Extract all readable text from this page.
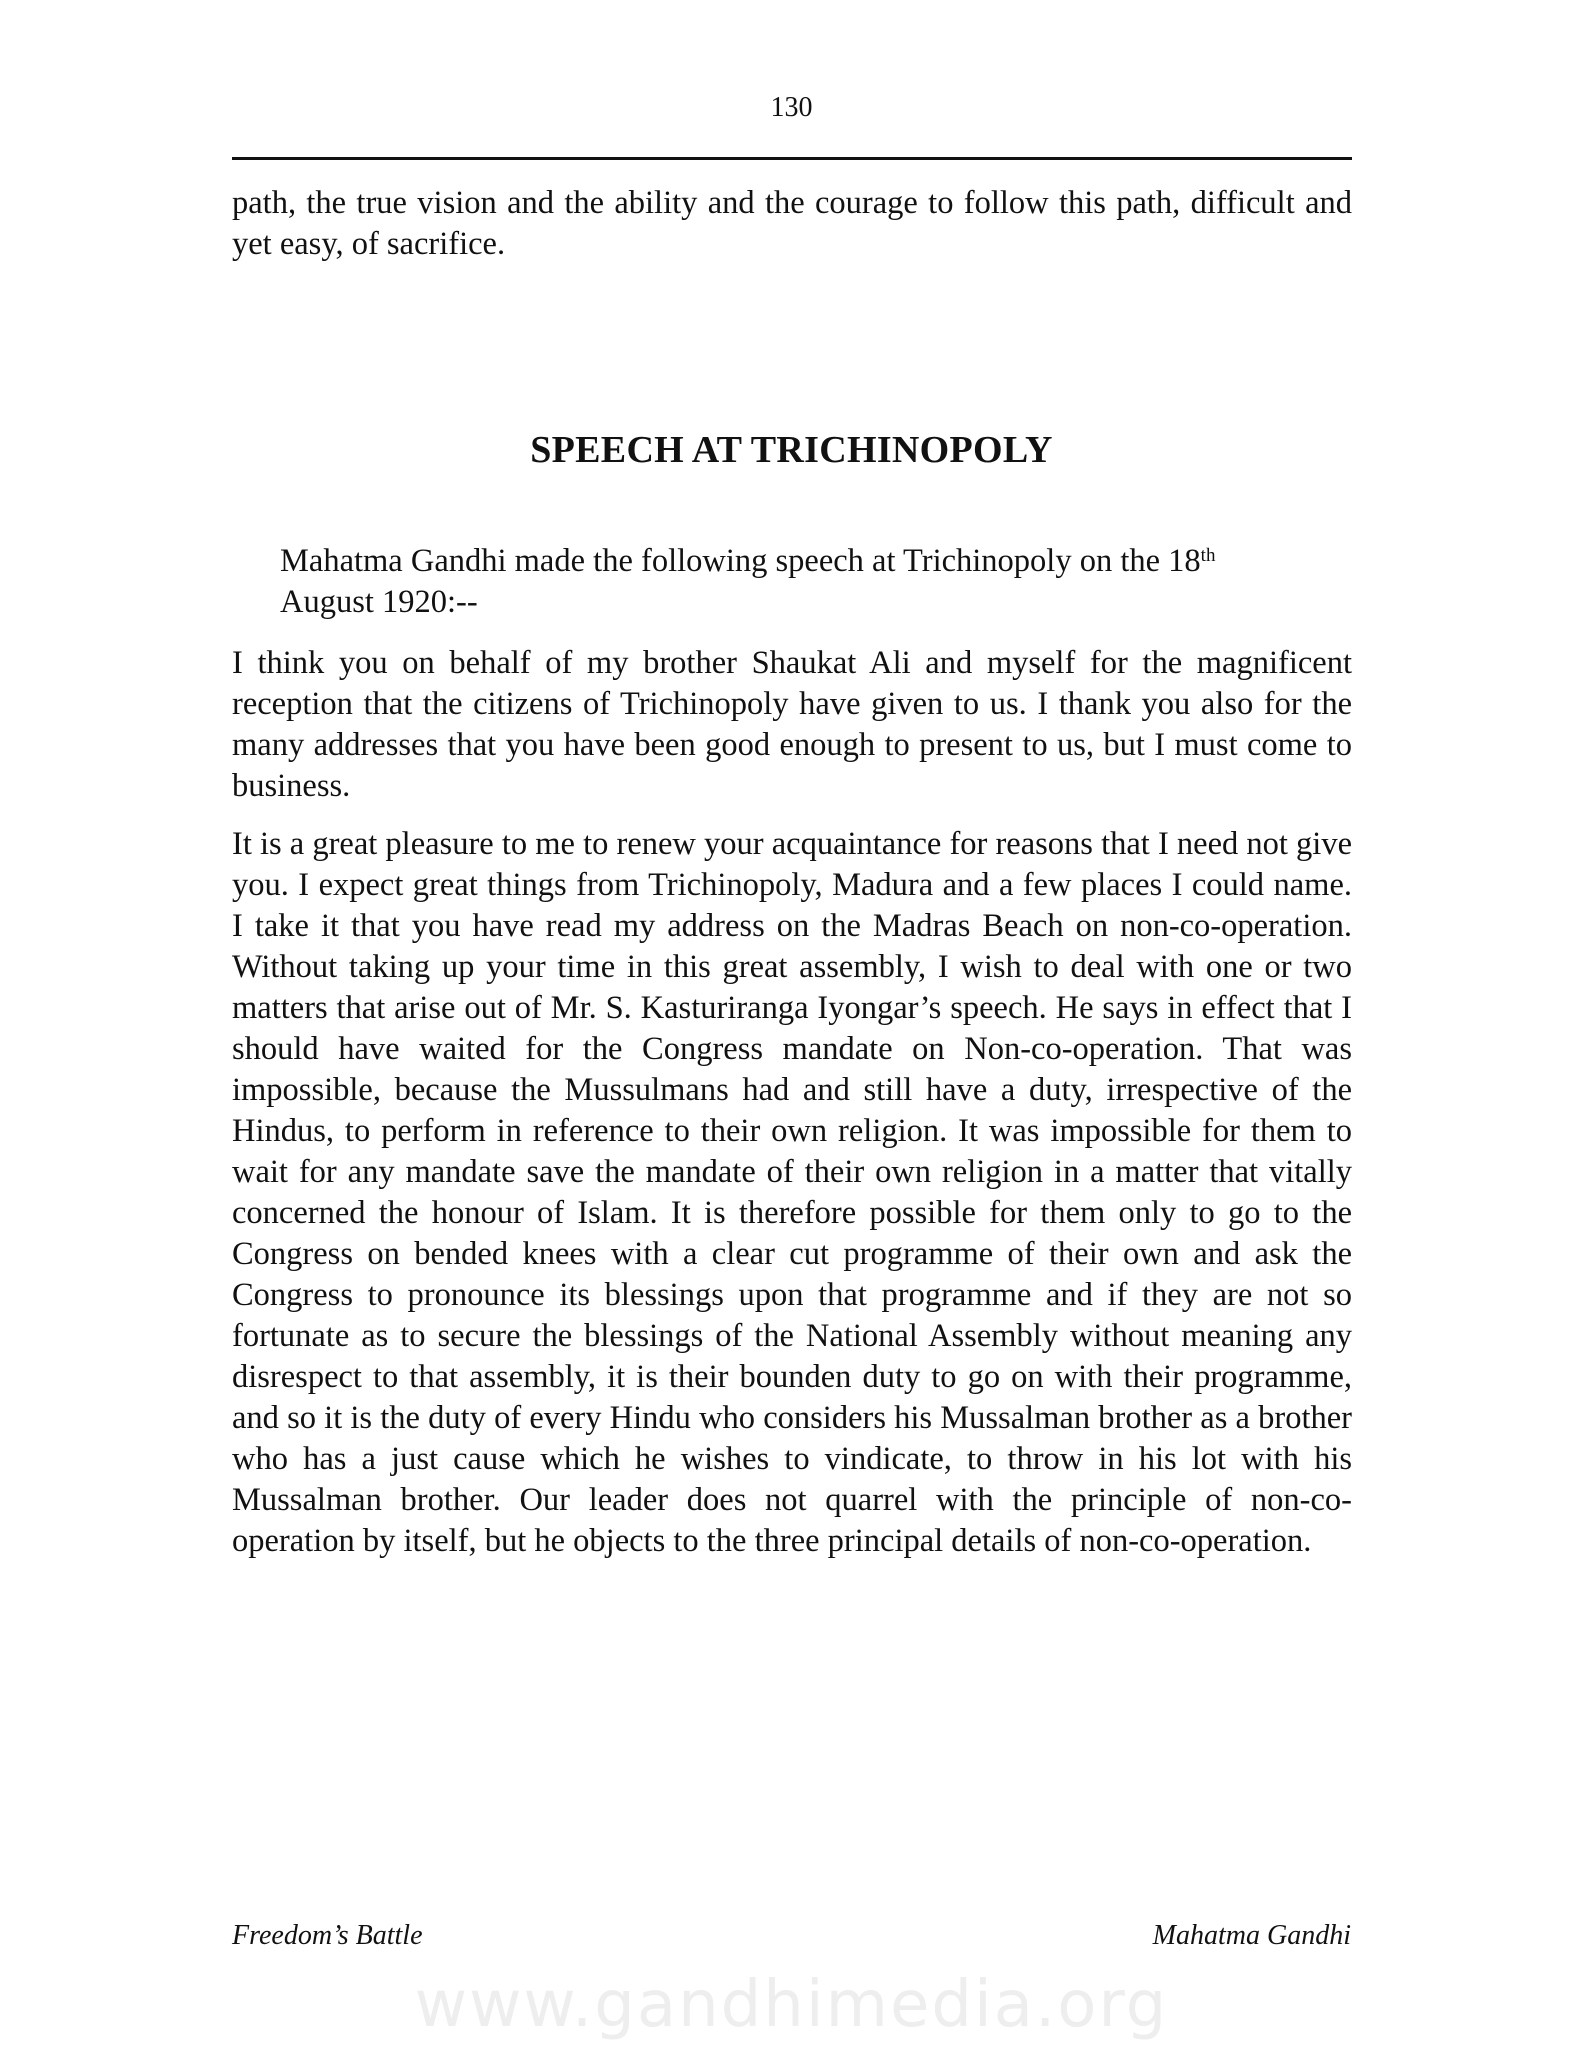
130

path, the true vision and the ability and the courage to follow this path, difficult and yet easy, of sacrifice.

SPEECH AT TRICHINOPOLY

Mahatma Gandhi made the following speech at Trichinopoly on the 18th
August 1920:--

I think you on behalf of my brother Shaukat Ali and myself for the magnificent reception that the citizens of Trichinopoly have given to us. I thank you also for the many addresses that you have been good enough to present to us, but I must come to business.

It is a great pleasure to me to renew your acquaintance for reasons that I need not give you. I expect great things from Trichinopoly, Madura and a few places I could name. I take it that you have read my address on the Madras Beach on non-co-operation. Without taking up your time in this great assembly, I wish to deal with one or two matters that arise out of Mr. S. Kasturiranga Iyongar’s speech. He says in effect that I should have waited for the Congress mandate on Non-co-operation. That was impossible, because the Mussulmans had and still have a duty, irrespective of the Hindus, to perform in reference to their own religion. It was impossible for them to wait for any mandate save the mandate of their own religion in a matter that vitally concerned the honour of Islam. It is therefore possible for them only to go to the Congress on bended knees with a clear cut programme of their own and ask the Congress to pronounce its blessings upon that programme and if they are not so fortunate as to secure the blessings of the National Assembly without meaning any disrespect to that assembly, it is their bounden duty to go on with their programme, and so it is the duty of every Hindu who considers his Mussalman brother as a brother who has a just cause which he wishes to vindicate, to throw in his lot with his Mussalman brother. Our leader does not quarrel with the principle of non-co-operation by itself, but he objects to the three principal details of non-co-operation.

Freedom’s Battle	Mahatma Gandhi
www.gandhimedia.org
